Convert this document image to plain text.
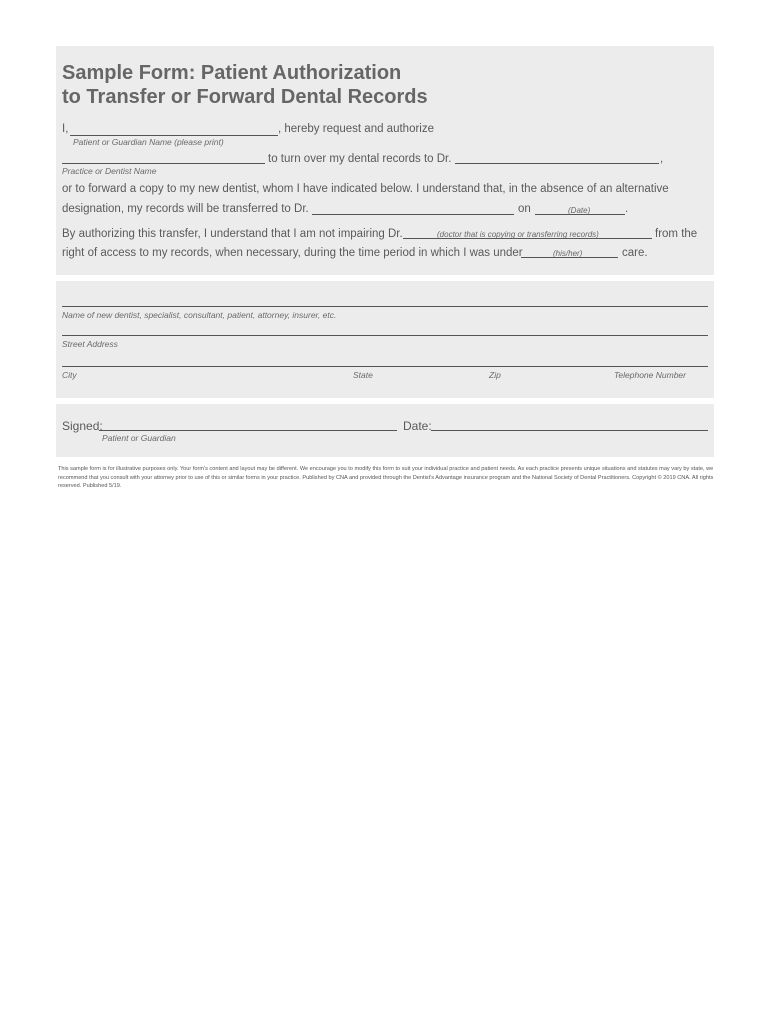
Sample Form: Patient Authorization
to Transfer or Forward Dental Records
I,	, hereby request and authorize
Patient or Guardian Name (please print)
to turn over my dental records to Dr.	,
Practice or Dentist Name
or to forward a copy to my new dentist, whom I have indicated below. I understand that, in the absence of an alternative
designation, my records will be transferred to Dr.	on	(Date)	.
By authorizing this transfer, I understand that I am not impairing Dr.	(doctor that is copying or transferring records)	from the
right of access to my records, when necessary, during the time period in which I was under	(his/her)	care.
Name of new dentist, specialist, consultant, patient, attorney, insurer, etc.
Street Address
City	State	Zip	Telephone Number
Signed:
Patient or Guardian
Date:
This sample form is for illustrative purposes only. Your form's content and layout may be different. We encourage you to modify this form to suit your individual practice and patient needs. As each practice presents unique situations and statutes may vary by state, we recommend that you consult with your attorney prior to use of this or similar forms in your practice. Published by CNA and provided through the Dentist's Advantage insurance program and the National Society of Dental Practitioners. Copyright © 2019 CNA. All rights reserved. Published 5/19.
